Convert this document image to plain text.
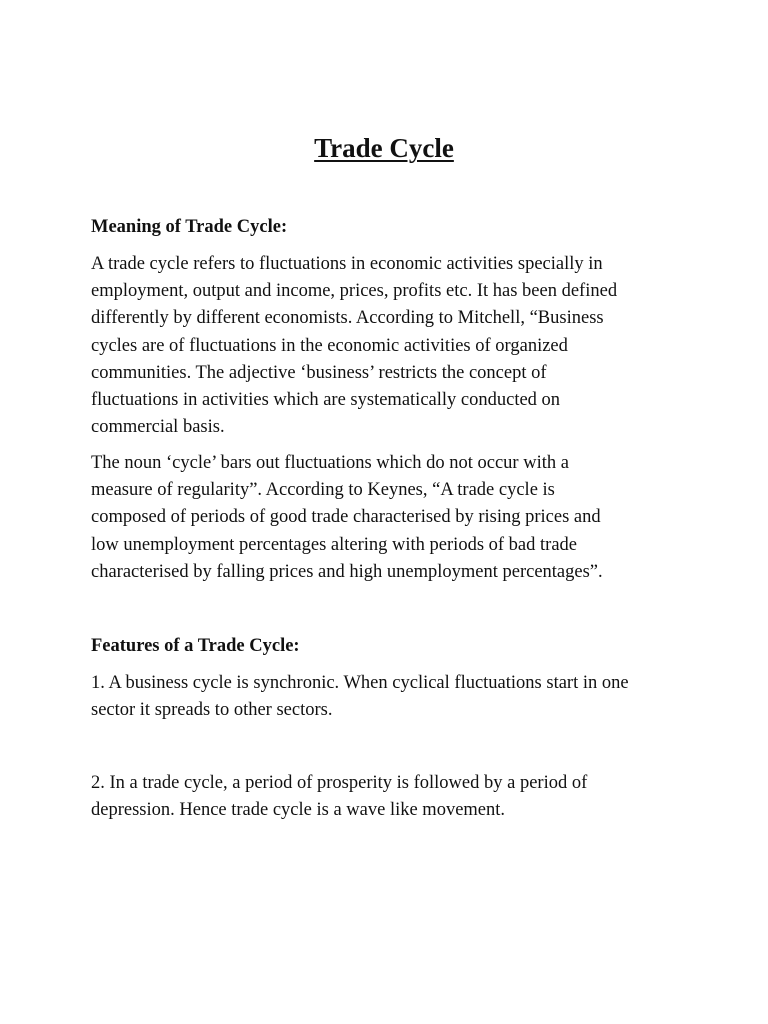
Trade Cycle
Meaning of Trade Cycle:

A trade cycle refers to fluctuations in economic activities specially in
employment, output and income, prices, profits etc. It has been defined
differently by different economists. According to Mitchell, “Business
cycles are of fluctuations in the economic activities of organized
communities. The adjective ‘business’ restricts the concept of
fluctuations in activities which are systematically conducted on
commercial basis.

The noun ‘cycle’ bars out fluctuations which do not occur with a
measure of regularity”. According to Keynes, “A trade cycle is
composed of periods of good trade characterised by rising prices and
low unemployment percentages altering with periods of bad trade
characterised by falling prices and high unemployment percentages”.

Features of a Trade Cycle:

1. A business cycle is synchronic. When cyclical fluctuations start in one
sector it spreads to other sectors.

2. In a trade cycle, a period of prosperity is followed by a period of
depression. Hence trade cycle is a wave like movement.
